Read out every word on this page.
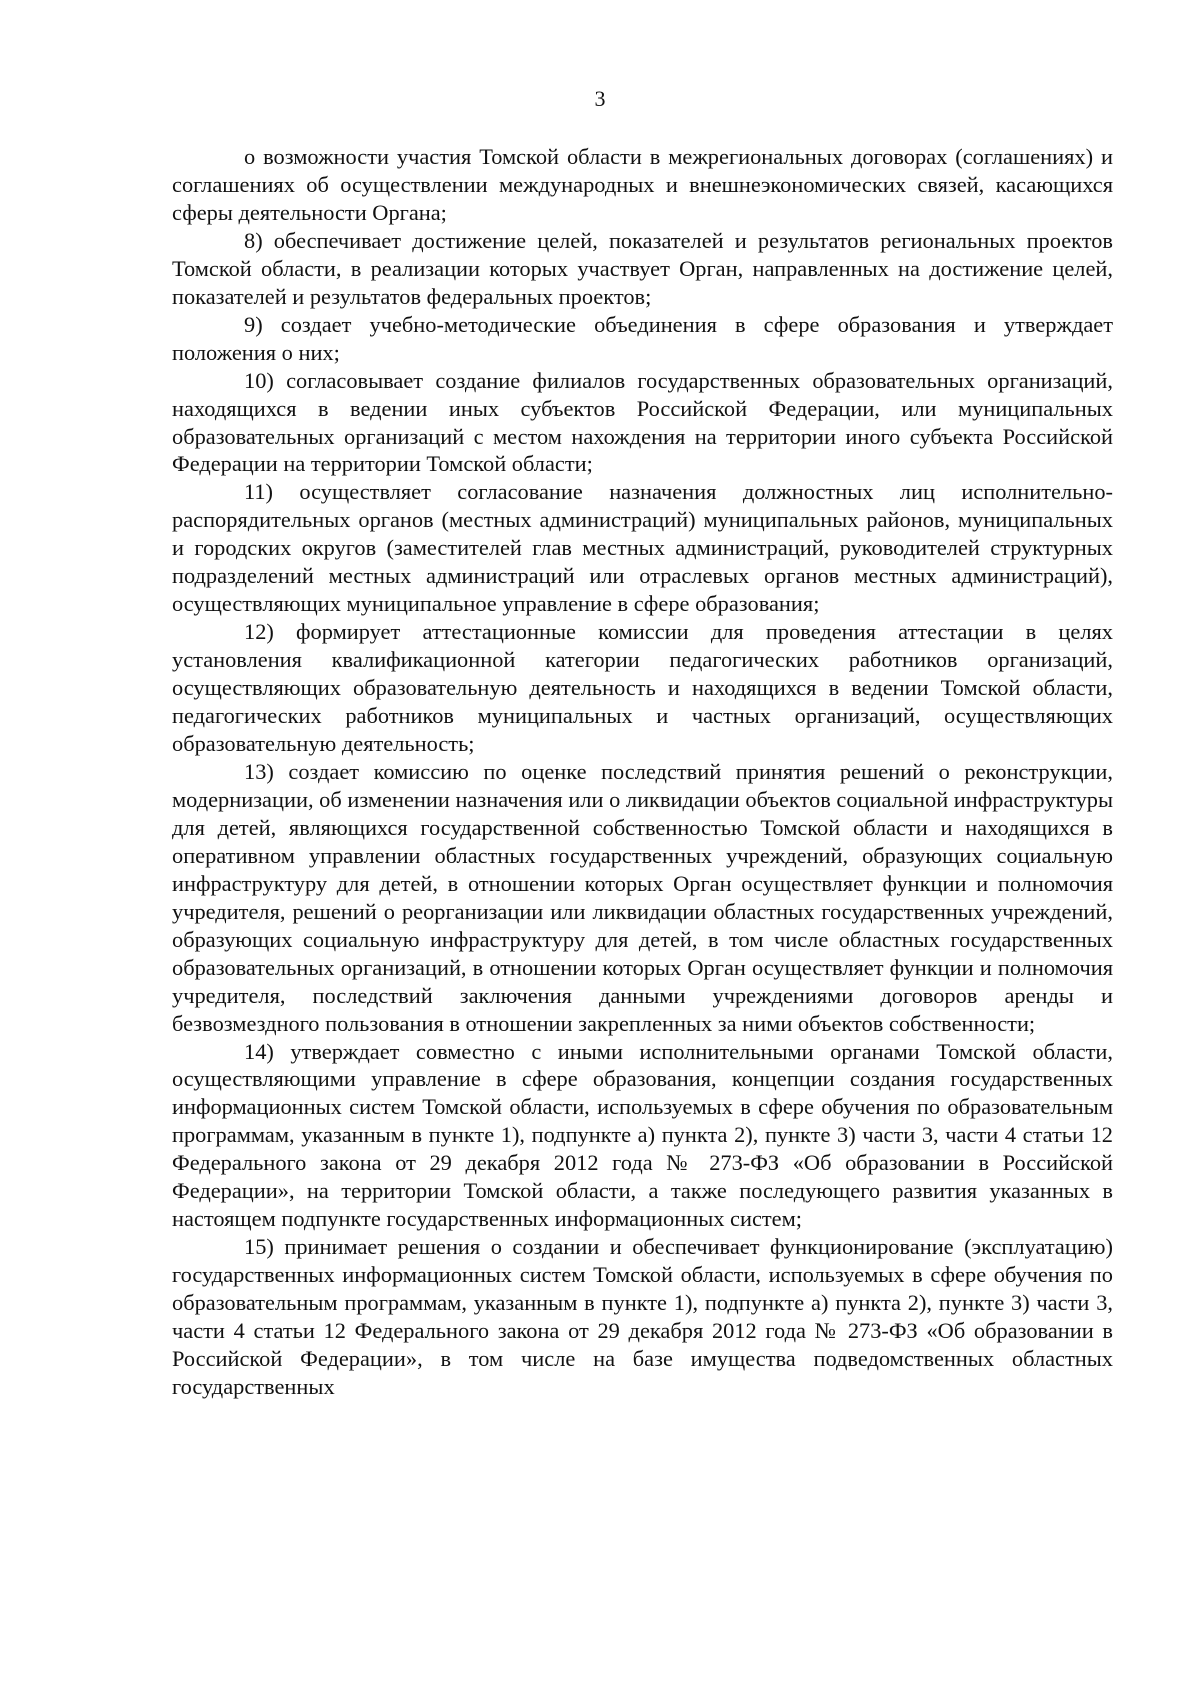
3

о возможности участия Томской области в межрегиональных договорах (соглашениях) и соглашениях об осуществлении международных и внешнеэкономических связей, касающихся сферы деятельности Органа;

8) обеспечивает достижение целей, показателей и результатов региональных проектов Томской области, в реализации которых участвует Орган, направленных на достижение целей, показателей и результатов федеральных проектов;

9) создает учебно-методические объединения в сфере образования и утверждает положения о них;

10) согласовывает создание филиалов государственных образовательных организаций, находящихся в ведении иных субъектов Российской Федерации, или муниципальных образовательных организаций с местом нахождения на территории иного субъекта Российской Федерации на территории Томской области;

11) осуществляет согласование назначения должностных лиц исполнительно-распорядительных органов (местных администраций) муниципальных районов, муниципальных и городских округов (заместителей глав местных администраций, руководителей структурных подразделений местных администраций или отраслевых органов местных администраций), осуществляющих муниципальное управление в сфере образования;

12) формирует аттестационные комиссии для проведения аттестации в целях установления квалификационной категории педагогических работников организаций, осуществляющих образовательную деятельность и находящихся в ведении Томской области, педагогических работников муниципальных и частных организаций, осуществляющих образовательную деятельность;

13) создает комиссию по оценке последствий принятия решений о реконструкции, модернизации, об изменении назначения или о ликвидации объектов социальной инфраструктуры для детей, являющихся государственной собственностью Томской области и находящихся в оперативном управлении областных государственных учреждений, образующих социальную инфраструктуру для детей, в отношении которых Орган осуществляет функции и полномочия учредителя, решений о реорганизации или ликвидации областных государственных учреждений, образующих социальную инфраструктуру для детей, в том числе областных государственных образовательных организаций, в отношении которых Орган осуществляет функции и полномочия учредителя, последствий заключения данными учреждениями договоров аренды и безвозмездного пользования в отношении закрепленных за ними объектов собственности;

14) утверждает совместно с иными исполнительными органами Томской области, осуществляющими управление в сфере образования, концепции создания государственных информационных систем Томской области, используемых в сфере обучения по образовательным программам, указанным в пункте 1), подпункте а) пункта 2), пункте 3) части 3, части 4 статьи 12 Федерального закона от 29 декабря 2012 года № 273-ФЗ «Об образовании в Российской Федерации», на территории Томской области, а также последующего развития указанных в настоящем подпункте государственных информационных систем;

15) принимает решения о создании и обеспечивает функционирование (эксплуатацию) государственных информационных систем Томской области, используемых в сфере обучения по образовательным программам, указанным в пункте 1), подпункте а) пункта 2), пункте 3) части 3, части 4 статьи 12 Федерального закона от 29 декабря 2012 года № 273-ФЗ «Об образовании в Российской Федерации», в том числе на базе имущества подведомственных областных государственных
